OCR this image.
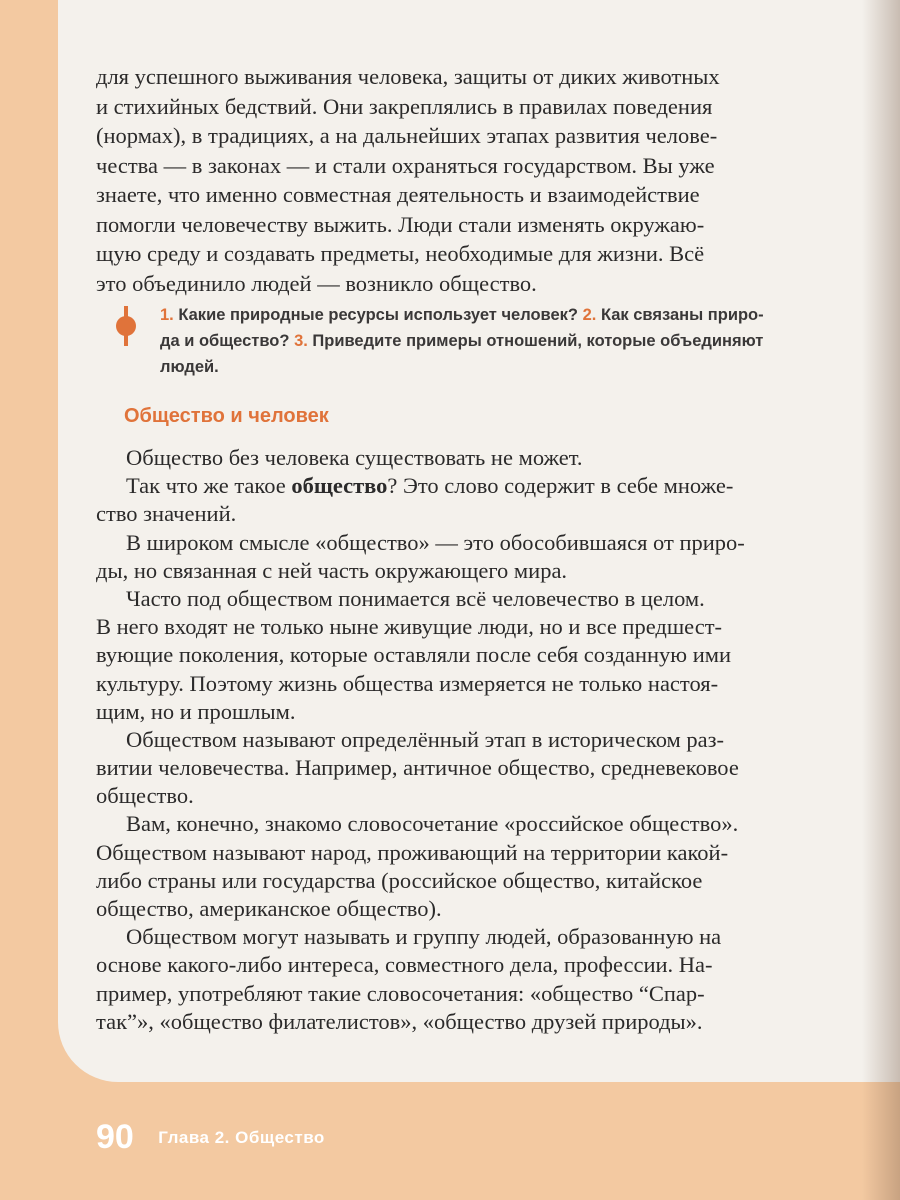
для успешного выживания человека, защиты от диких животных
и стихийных бедствий. Они закреплялись в правилах поведения
(нормах), в традициях, а на дальнейших этапах развития челове-
чества — в законах — и стали охраняться государством. Вы уже
знаете, что именно совместная деятельность и взаимодействие
помогли человечеству выжить. Люди стали изменять окружаю-
щую среду и создавать предметы, необходимые для жизни. Всё
это объединило людей — возникло общество.
1. Какие природные ресурсы использует человек? 2. Как связаны приро-
да и общество? 3. Приведите примеры отношений, которые объединяют
людей.
Общество и человек
Общество без человека существовать не может.
Так что же такое общество? Это слово содержит в себе множе-
ство значений.
В широком смысле «общество» — это обособившаяся от приро-
ды, но связанная с ней часть окружающего мира.
Часто под обществом понимается всё человечество в целом.
В него входят не только ныне живущие люди, но и все предшест-
вующие поколения, которые оставляли после себя созданную ими
культуру. Поэтому жизнь общества измеряется не только настоя-
щим, но и прошлым.
Обществом называют определённый этап в историческом раз-
витии человечества. Например, античное общество, средневековое
общество.
Вам, конечно, знакомо словосочетание «российское общество».
Обществом называют народ, проживающий на территории какой-
либо страны или государства (российское общество, китайское
общество, американское общество).
Обществом могут называть и группу людей, образованную на
основе какого-либо интереса, совместного дела, профессии. На-
пример, употребляют такие словосочетания: «общество “Спар-
так”», «общество филателистов», «общество друзей природы».
90 Глава 2. Общество
